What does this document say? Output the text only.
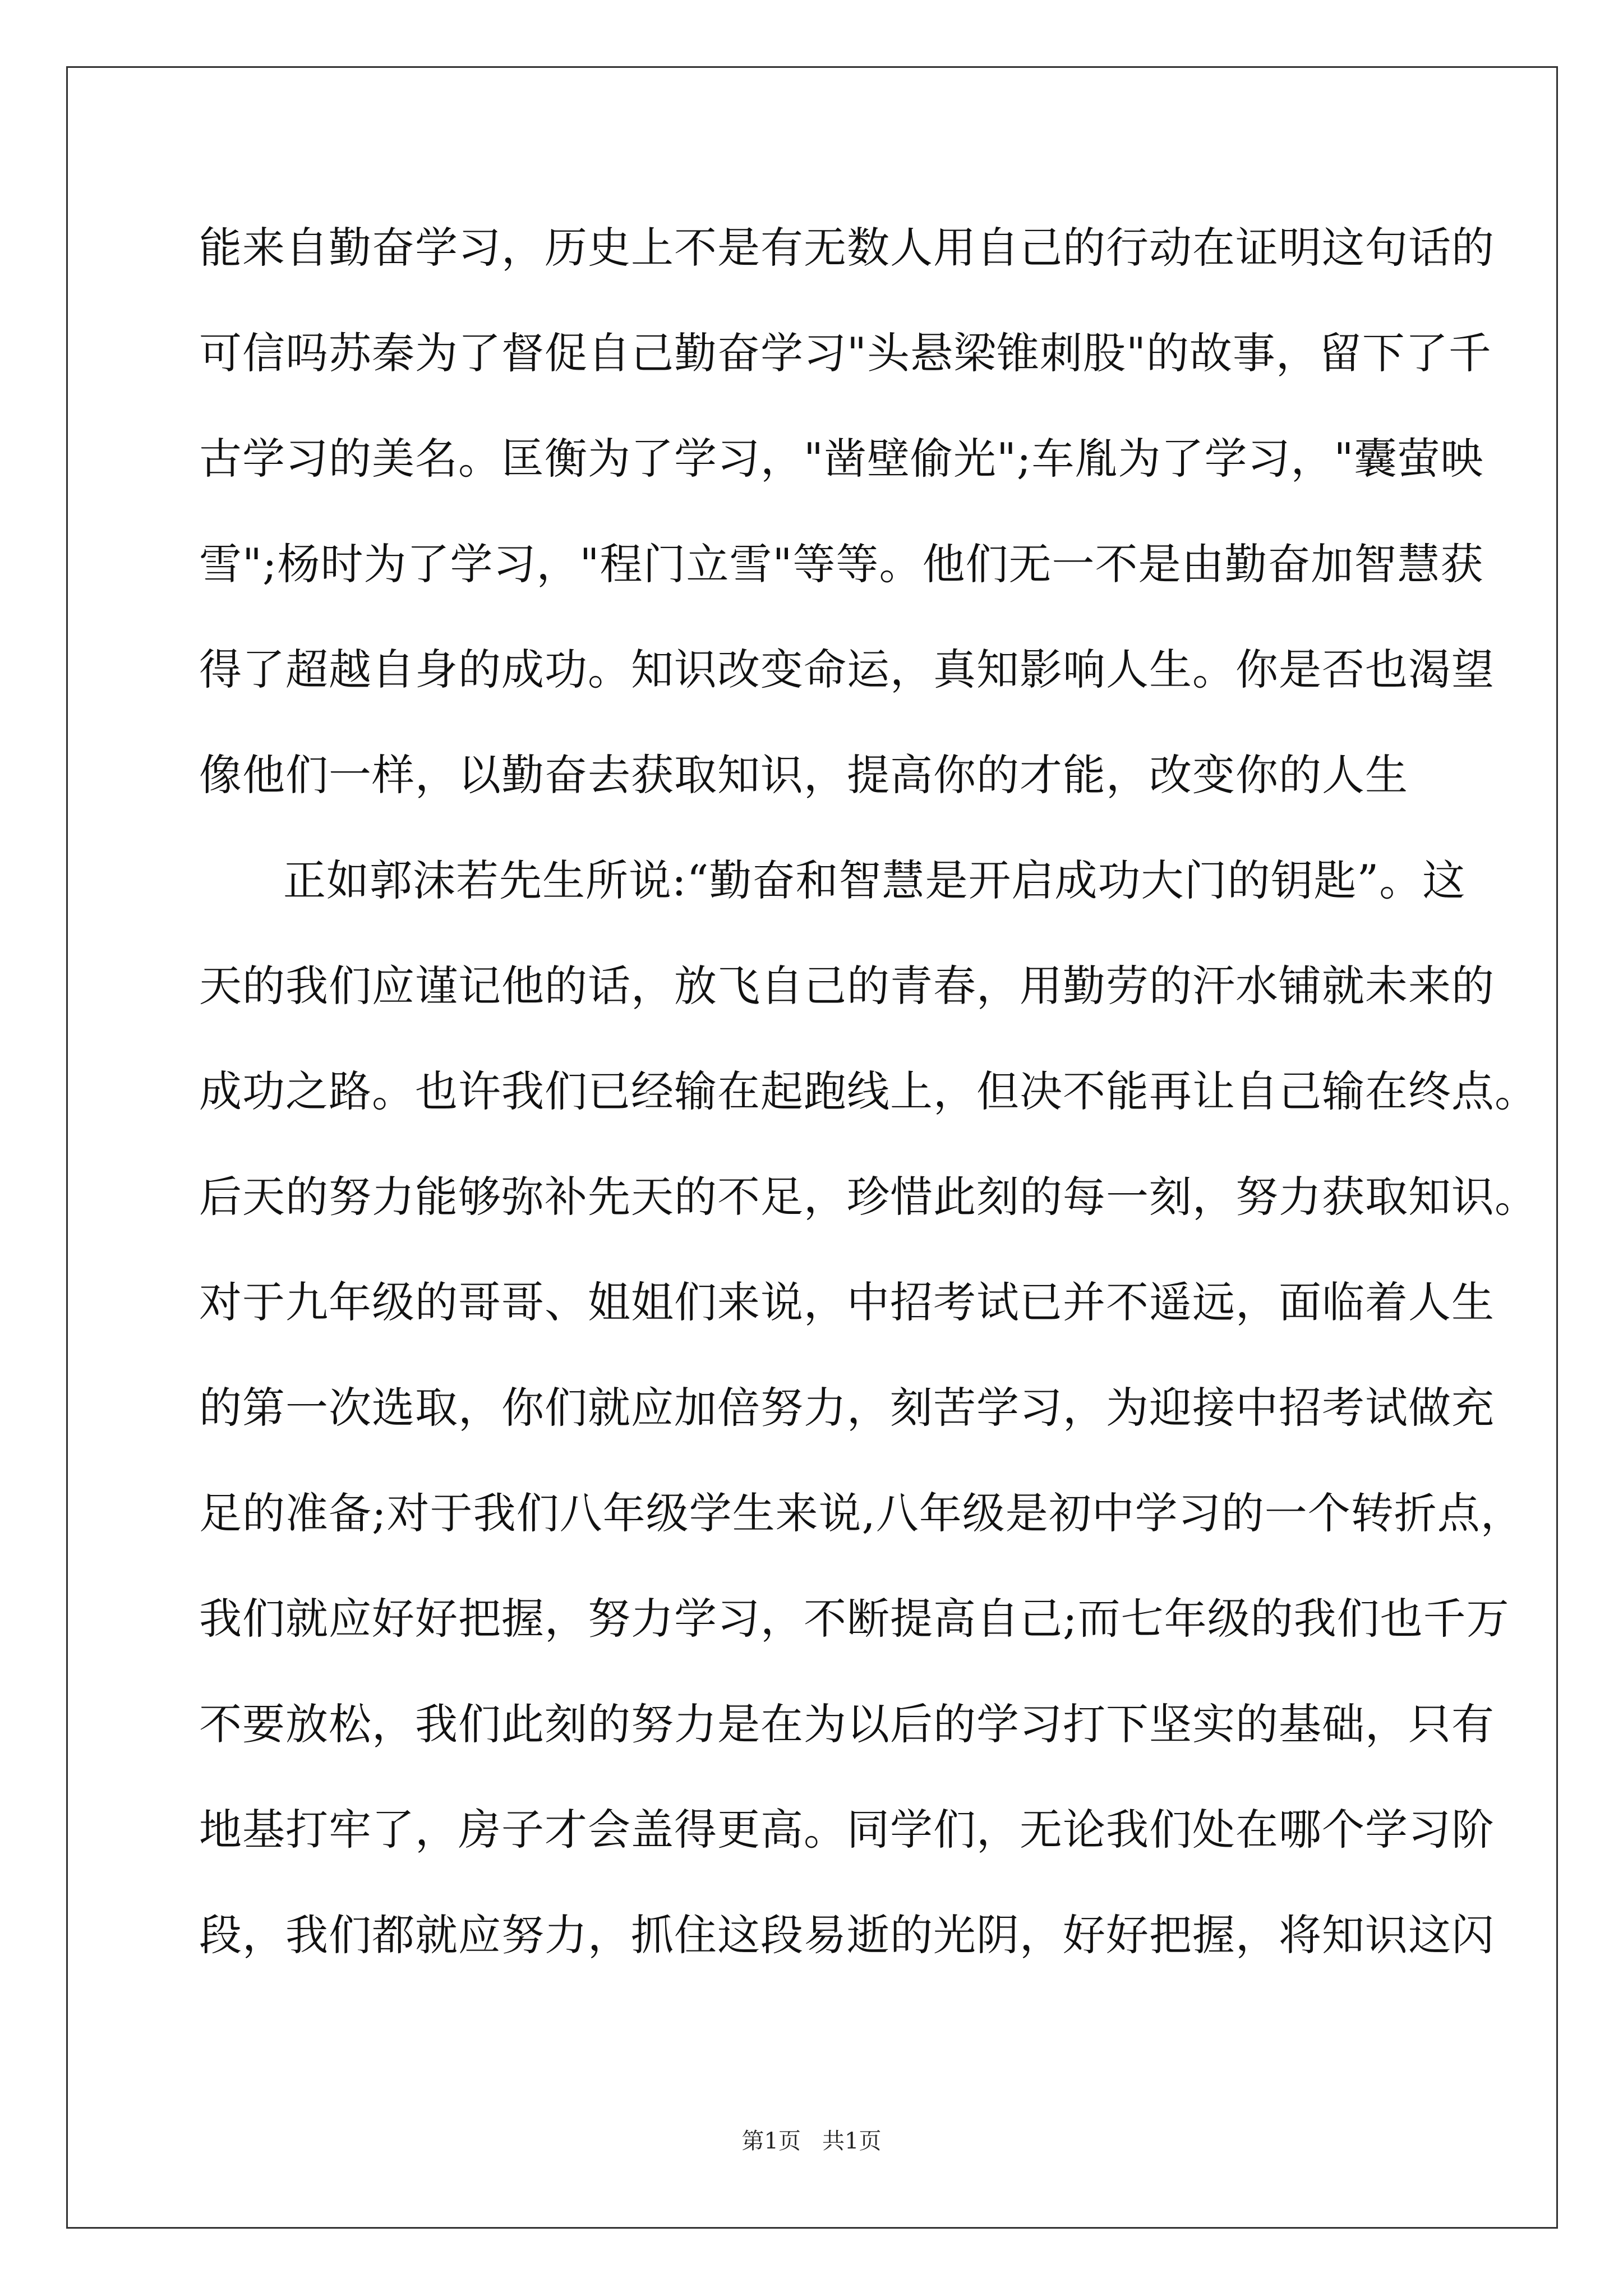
能来自勤奋学习，历史上不是有无数人用自己的行动在证明这句话的
可信吗苏秦为了督促自己勤奋学习"头悬梁锥刺股"的故事，留下了千
古学习的美名。匡衡为了学习，"凿壁偷光";车胤为了学习，"囊萤映
雪";杨时为了学习，"程门立雪"等等。他们无一不是由勤奋加智慧获
得了超越自身的成功。知识改变命运，真知影响人生。你是否也渴望
像他们一样，以勤奋去获取知识，提高你的才能，改变你的人生
正如郭沫若先生所说:“勤奋和智慧是开启成功大门的钥匙”。这
天的我们应谨记他的话，放飞自己的青春，用勤劳的汗水铺就未来的
成功之路。也许我们已经输在起跑线上，但决不能再让自己输在终点。
后天的努力能够弥补先天的不足，珍惜此刻的每一刻，努力获取知识。
对于九年级的哥哥、姐姐们来说，中招考试已并不遥远，面临着人生
的第一次选取，你们就应加倍努力，刻苦学习，为迎接中招考试做充
足的准备;对于我们八年级学生来说,八年级是初中学习的一个转折点，
我们就应好好把握，努力学习，不断提高自己;而七年级的我们也千万
不要放松，我们此刻的努力是在为以后的学习打下坚实的基础，只有
地基打牢了，房子才会盖得更高。同学们，无论我们处在哪个学习阶
段，我们都就应努力，抓住这段易逝的光阴，好好把握，将知识这闪
第1页 共1页
